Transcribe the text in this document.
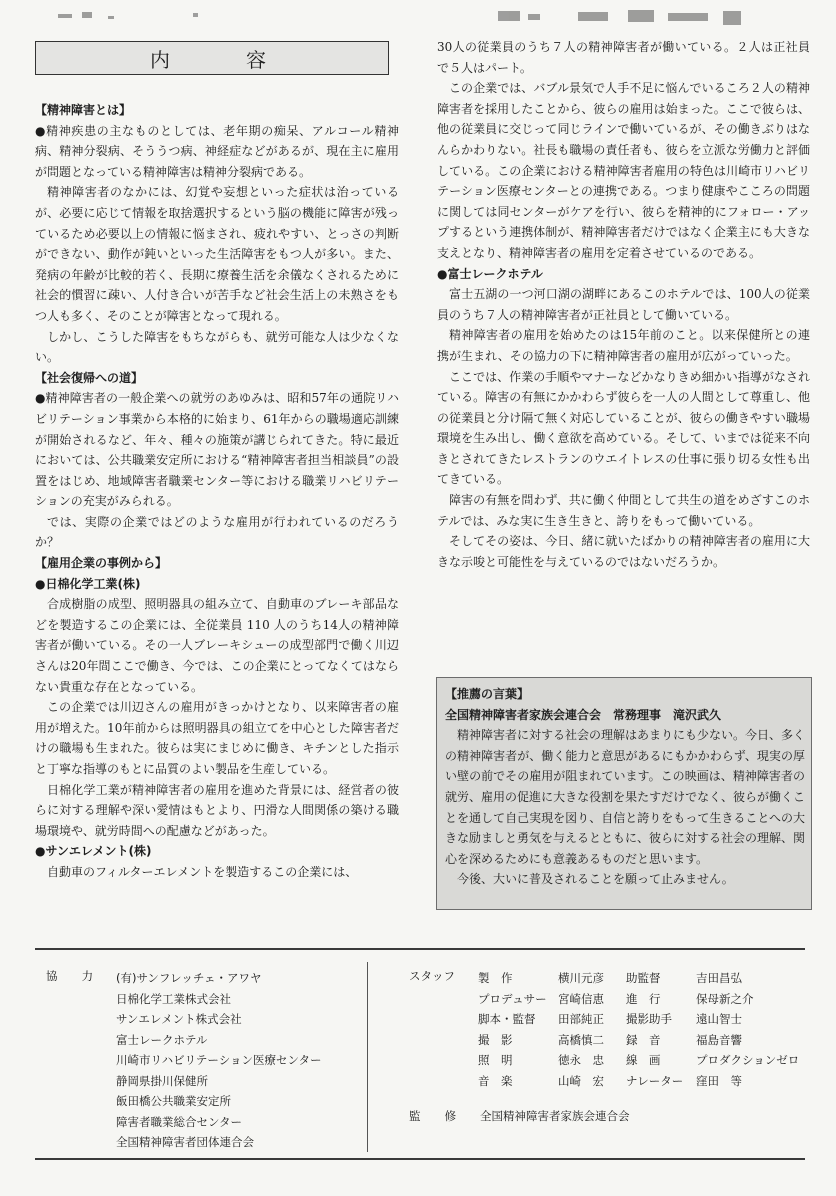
内　容
【精神障害とは】

●精神疾患の主なものとしては、老年期の痴呆、アルコール精神病、精神分裂病、そううつ病、神経症などがあるが、現在主に雇用が問題となっている精神障害は精神分裂病である。

精神障害者のなかには、幻覚や妄想といった症状は治っているが、必要に応じて情報を取捨選択するという脳の機能に障害が残っているため必要以上の情報に悩まされ、疲れやすい、とっさの判断ができない、動作が鈍いといった生活障害をもつ人が多い。また、発病の年齢が比較的若く、長期に療養生活を余儀なくされるために社会的慣習に疎い、人付き合いが苦手など社会生活上の未熟さをもつ人も多く、そのことが障害となって現れる。

しかし、こうした障害をもちながらも、就労可能な人は少なくない。

【社会復帰への道】

●精神障害者の一般企業への就労のあゆみは、昭和57年の通院リハビリテーション事業から本格的に始まり、61年からの職場適応訓練が開始されるなど、年々、種々の施策が講じられてきた。特に最近においては、公共職業安定所における“精神障害者担当相談員”の設置をはじめ、地域障害者職業センター等における職業リハビリテーションの充実がみられる。

では、実際の企業ではどのような雇用が行われているのだろうか？

【雇用企業の事例から】
●日棉化学工業(株)

合成樹脂の成型、照明器具の組み立て、自動車のブレーキ部品などを製造するこの企業には、全従業員 110 人のうち14人の精神障害者が働いている。その一人ブレーキシューの成型部門で働く川辺さんは20年間ここで働き、今では、この企業にとってなくてはならない貴重な存在となっている。

この企業では川辺さんの雇用がきっかけとなり、以来障害者の雇用が増えた。10年前からは照明器具の組立てを中心とした障害者だけの職場も生まれた。彼らは実にまじめに働き、キチンとした指示と丁寧な指導のもとに品質のよい製品を生産している。

日棉化学工業が精神障害者の雇用を進めた背景には、経営者の彼らに対する理解や深い愛情はもとより、円滑な人間関係の築ける職場環境や、就労時間への配慮などがあった。

●サンエレメント(株)

自動車のフィルターエレメントを製造するこの企業には、

30人の従業員のうち７人の精神障害者が働いている。２人は正社員で５人はパート。

この企業では、バブル景気で人手不足に悩んでいるころ２人の精神障害者を採用したことから、彼らの雇用は始まった。ここで彼らは、他の従業員に交じって同じラインで働いているが、その働きぶりはなんらかわりない。社長も職場の責任者も、彼らを立派な労働力と評価している。この企業における精神障害者雇用の特色は川崎市リハビリテーション医療センターとの連携である。つまり健康やこころの問題に関しては同センターがケアを行い、彼らを精神的にフォロー・アップするという連携体制が、精神障害者だけではなく企業主にも大きな支えとなり、精神障害者の雇用を定着させているのである。

●富士レークホテル

富士五湖の一つ河口湖の湖畔にあるこのホテルでは、100人の従業員のうち７人の精神障害者が正社員として働いている。

精神障害者の雇用を始めたのは15年前のこと。以来保健所との連携が生まれ、その協力の下に精神障害者の雇用が広がっていった。

ここでは、作業の手順やマナーなどかなりきめ細かい指導がなされている。障害の有無にかかわらず彼らを一人の人間として尊重し、他の従業員と分け隔て無く対応していることが、彼らの働きやすい職場環境を生み出し、働く意欲を高めている。そして、いまでは従来不向きとされてきたレストランのウエイトレスの仕事に張り切る女性も出てきている。

障害の有無を問わず、共に働く仲間として共生の道をめざすこのホテルでは、みな実に生き生きと、誇りをもって働いている。

そしてその姿は、今日、緒に就いたばかりの精神障害者の雇用に大きな示唆と可能性を与えているのではないだろうか。

【推薦の言葉】
全国精神障害者家族会連合会　常務理事　滝沢武久

精神障害者に対する社会の理解はあまりにも少ない。今日、多くの精神障害者が、働く能力と意思があるにもかかわらず、現実の厚い壁の前でその雇用が阻まれています。この映画は、精神障害者の就労、雇用の促進に大きな役割を果たすだけでなく、彼らが働くことを通して自己実現を図り、自信と誇りをもって生きることへの大きな励ましと勇気を与えるとともに、彼らに対する社会の理解、関心を深めるためにも意義あるものだと思います。

今後、大いに普及されることを願って止みません。

協力
(有)サンフレッチェ・アワヤ
日棉化学工業株式会社
サンエレメント株式会社
富士レークホテル
川崎市リハビリテーション医療センター
静岡県掛川保健所
飯田橋公共職業安定所
障害者職業総合センター
全国精神障害者団体連合会
スタッフ 製　作	横川元彦	助監督	吉田昌弘
プロデュサー 宮崎信恵	進　行	保母新之介
脚本・監督	田部純正	撮影助手	遠山智士
撮　影	高橋慎二	録　音	福島音響
照　明	徳永　忠	線　画	プロダクションゼロ
音　楽	山崎　宏	ナレーター	窪田　等
監修 全国精神障害者家族会連合会
